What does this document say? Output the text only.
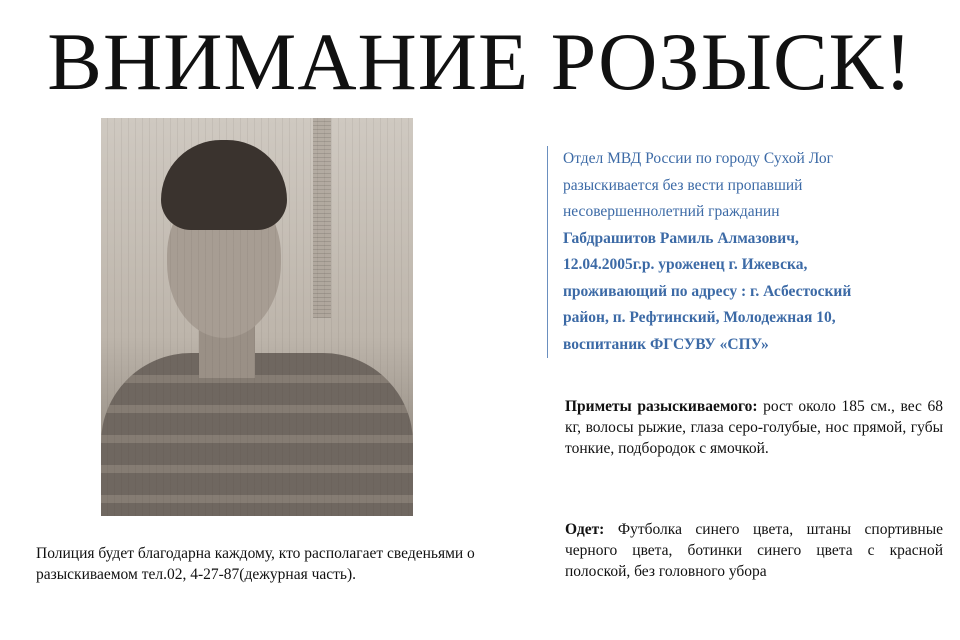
ВНИМАНИЕ РОЗЫСК!
Отдел МВД России по городу Сухой Лог
разыскивается без вести пропавший
несовершеннолетний гражданин
Габдрашитов Рамиль Алмазович,
12.04.2005г.р. уроженец г. Ижевска,
проживающий по адресу : г. Асбестоский
район, п. Рефтинский, Молодежная 10,
воспитаник ФГСУВУ «СПУ»
Приметы разыскиваемого: рост около 185 см., вес 68 кг, волосы рыжие, глаза серо-голубые, нос прямой, губы тонкие, подбородок с ямочкой.
Одет: Футболка синего цвета, штаны спортивные черного цвета, ботинки синего цвета с красной полоской, без головного убора
Полиция будет благодарна каждому, кто располагает сведеньями о разыскиваемом тел.02, 4-27-87(дежурная часть).
